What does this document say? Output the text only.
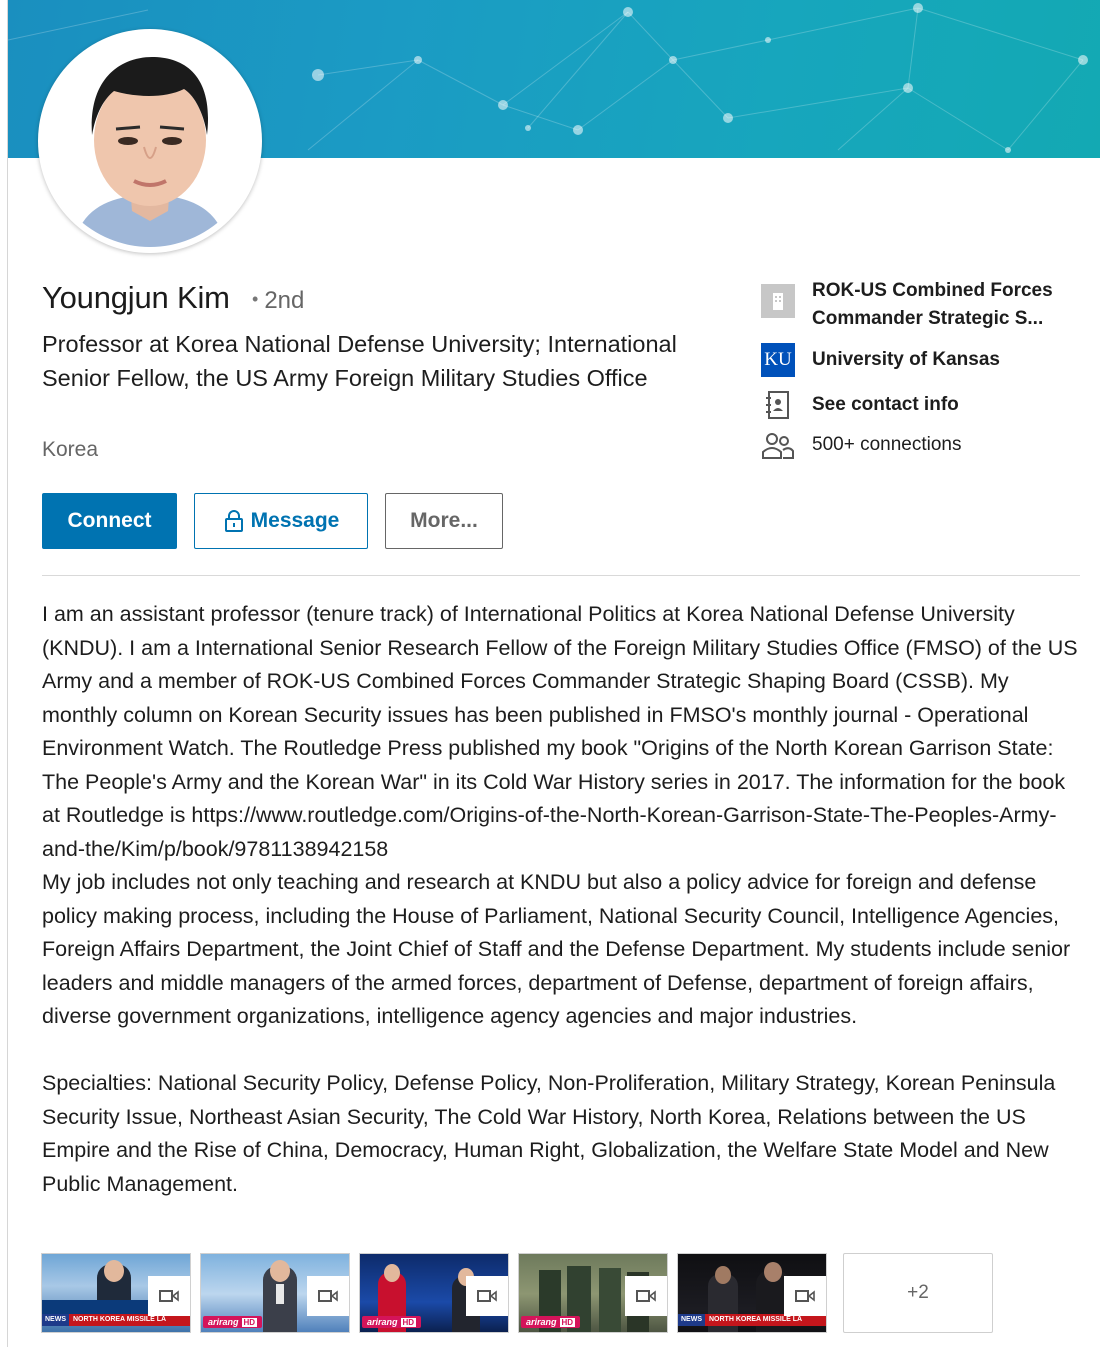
Youngjun Kim • 2nd
Professor at Korea National Defense University; International Senior Fellow, the US Army Foreign Military Studies Office
Korea
Connect	Message	More...
ROK-US Combined Forces
Commander Strategic S...
KU University of Kansas
See contact info
500+ connections
I am an assistant professor (tenure track) of International Politics at Korea National Defense University (KNDU). I am a International Senior Research Fellow of the Foreign Military Studies Office (FMSO) of the US Army and a member of ROK-US Combined Forces Commander Strategic Shaping Board (CSSB). My monthly column on Korean Security issues has been published in FMSO's monthly journal - Operational Environment Watch. The Routledge Press published my book "Origins of the North Korean Garrison State: The People's Army and the Korean War" in its Cold War History series in 2017. The information for the book at Routledge is https://www.routledge.com/Origins-of-the-North-Korean-Garrison-State-The-Peoples-Army-and-the/Kim/p/book/9781138942158
My job includes not only teaching and research at KNDU but also a policy advice for foreign and defense policy making process, including the House of Parliament, National Security Council, Intelligence Agencies, Foreign Affairs Department, the Joint Chief of Staff and the Defense Department. My students include senior leaders and middle managers of the armed forces, department of Defense, department of foreign affairs, diverse government organizations, intelligence agency agencies and major industries.

Specialties: National Security Policy, Defense Policy, Non-Proliferation, Military Strategy, Korean Peninsula Security Issue, Northeast Asian Security, The Cold War History, North Korea, Relations between the US Empire and the Rise of China, Democracy, Human Right, Globalization, the Welfare State Model and New Public Management.
NEWS	NORTH KOREA MISSILE LA	arirang HD	arirang HD	arirang HD	NEWS	NORTH KOREA MISSILE LA
+2
